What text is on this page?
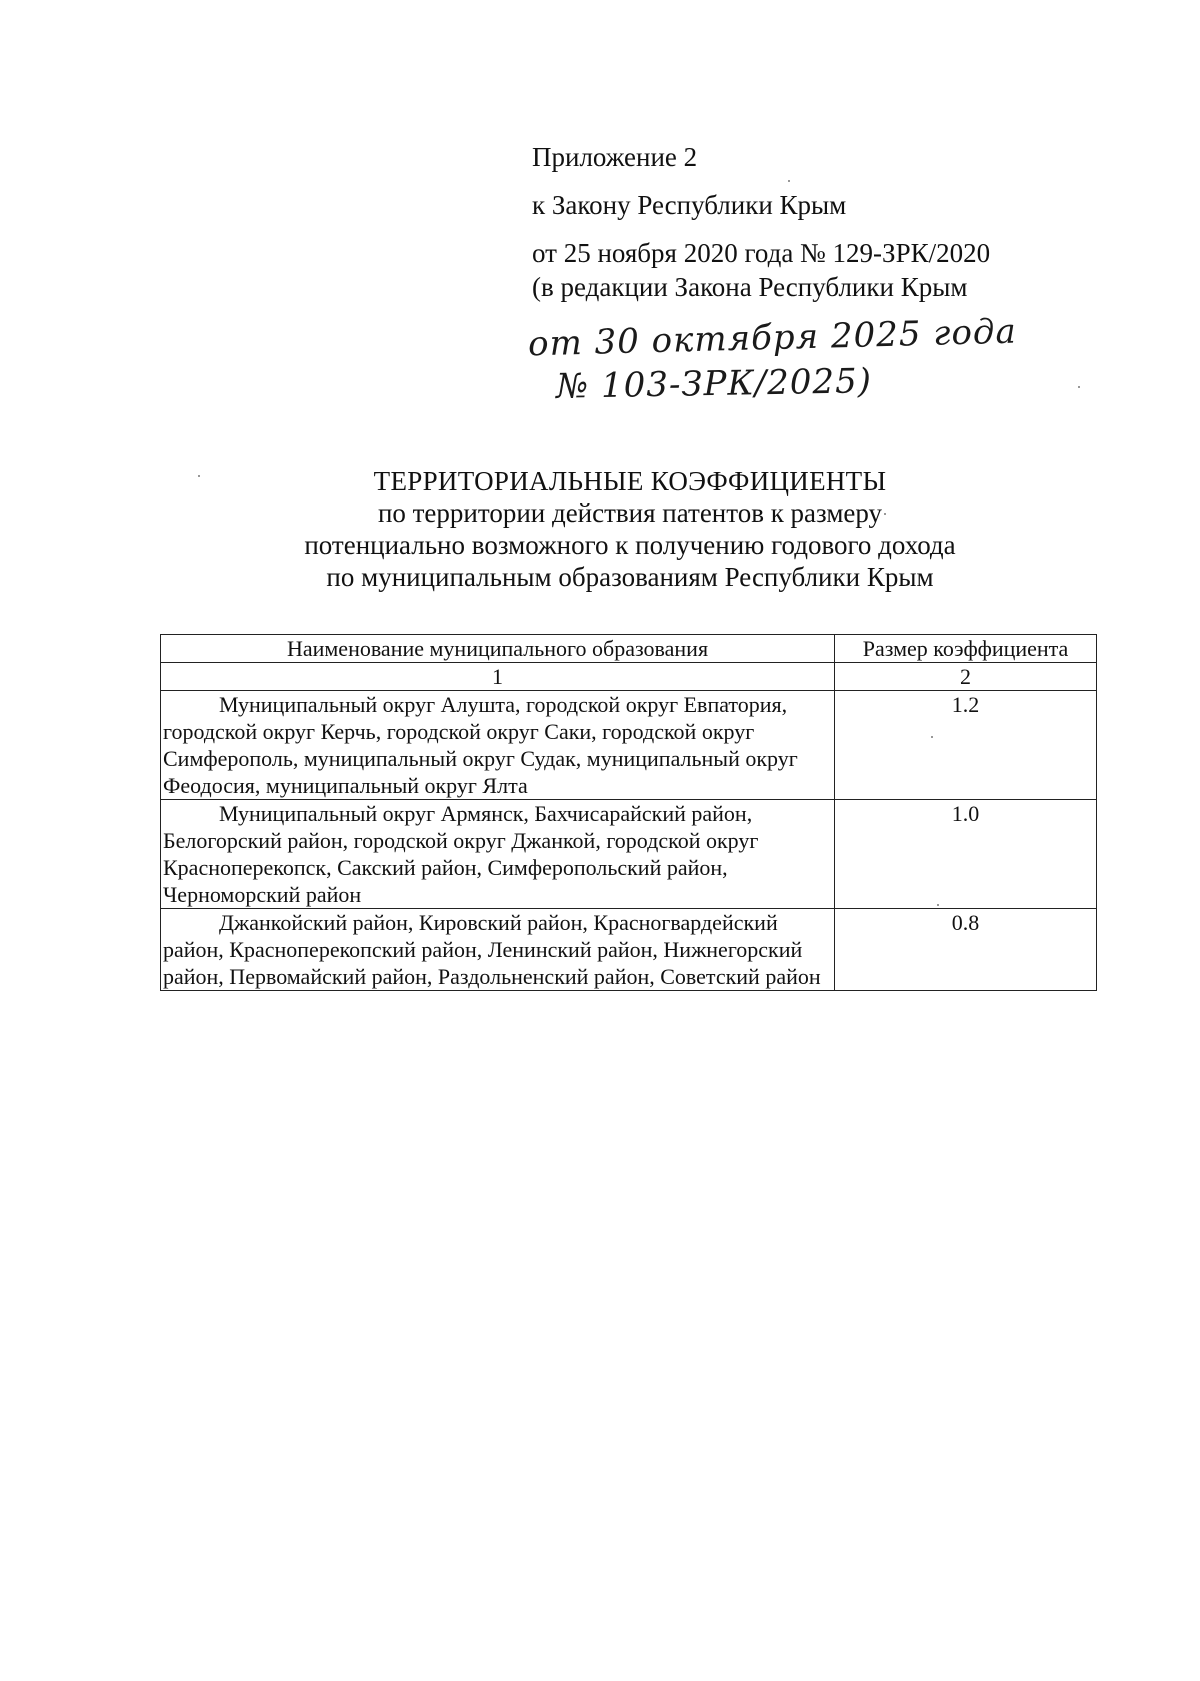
Приложение 2
к Закону Республики Крым
от 25 ноября 2020 года № 129-ЗРК/2020
(в редакции Закона Республики Крым
от 30 октября 2025 года
№ 103-ЗРК/2025)
ТЕРРИТОРИАЛЬНЫЕ КОЭФФИЦИЕНТЫ
по территории действия патентов к размеру
потенциально возможного к получению годового дохода
по муниципальным образованиям Республики Крым
Наименование муниципального образования	Размер коэффициента
1	2
Муниципальный округ Алушта, городской округ Евпатория, городской округ Керчь, городской округ Саки, городской округ Симферополь, муниципальный округ Судак, муниципальный округ Феодосия, муниципальный округ Ялта	1.2
Муниципальный округ Армянск, Бахчисарайский район, Белогорский район, городской округ Джанкой, городской округ Красноперекопск, Сакский район, Симферопольский район, Черноморский район	1.0
Джанкойский район, Кировский район, Красногвардейский район, Красноперекопский район, Ленинский район, Нижнегорский район, Первомайский район, Раздольненский район, Советский район	0.8
